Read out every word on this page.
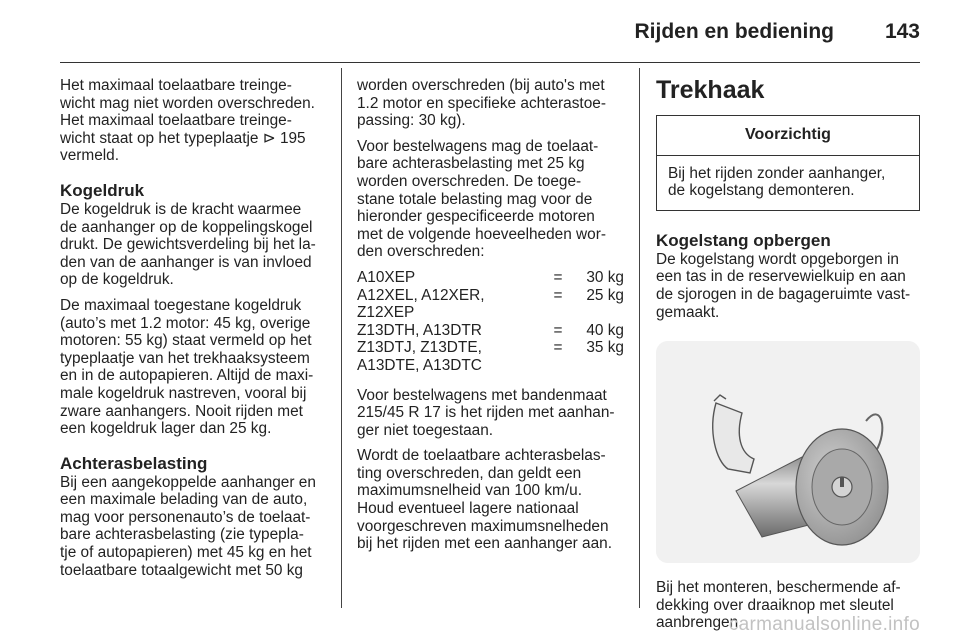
Rijden en bediening 143

Het maximaal toelaatbare treinge-
wicht mag niet worden overschreden.
Het maximaal toelaatbare treinge-
wicht staat op het typeplaatje ⊳ 195
vermeld.

Kogeldruk

De kogeldruk is de kracht waarmee
de aanhanger op de koppelingskogel
drukt. De gewichtsverdeling bij het la-
den van de aanhanger is van invloed
op de kogeldruk.

De maximaal toegestane kogeldruk
(auto’s met 1.2 motor: 45 kg, overige
motoren: 55 kg) staat vermeld op het
typeplaatje van het trekhaaksysteem
en in de autopapieren. Altijd de maxi-
male kogeldruk nastreven, vooral bij
zware aanhangers. Nooit rijden met
een kogeldruk lager dan 25 kg.

Achterasbelasting

Bij een aangekoppelde aanhanger en
een maximale belading van de auto,
mag voor personenauto’s de toelaat-
bare achterasbelasting (zie typepla-
tje of autopapieren) met 45 kg en het
toelaatbare totaalgewicht met 50 kg

worden overschreden (bij auto's met
1.2 motor en specifieke achterastoe-
passing: 30 kg).

Voor bestelwagens mag de toelaat-
bare achterasbelasting met 25 kg
worden overschreden. De toege-
stane totale belasting mag voor de
hieronder gespecificeerde motoren
met de volgende hoeveelheden wor-
den overschreden:

A10XEP	=	30 kg
A12XEL, A12XER,
Z12XEP	=	25 kg
Z13DTH, A13DTR	=	40 kg
Z13DTJ, Z13DTE,
A13DTE, A13DTC	=	35 kg

Voor bestelwagens met bandenmaat
215/45 R 17 is het rijden met aanhan-
ger niet toegestaan.

Wordt de toelaatbare achterasbelas-
ting overschreden, dan geldt een
maximumsnelheid van 100 km/u.
Houd eventueel lagere nationaal
voorgeschreven maximumsnelheden
bij het rijden met een aanhanger aan.

Trekhaak
Voorzichtig
Bij het rijden zonder aanhanger,
de kogelstang demonteren.
Kogelstang opbergen

De kogelstang wordt opgeborgen in
een tas in de reservewielkuip en aan
de sjorogen in de bagageruimte vast-
gemaakt.

Bij het monteren, beschermende af-
dekking over draaiknop met sleutel
aanbrengen.

carmanualsonline.info
